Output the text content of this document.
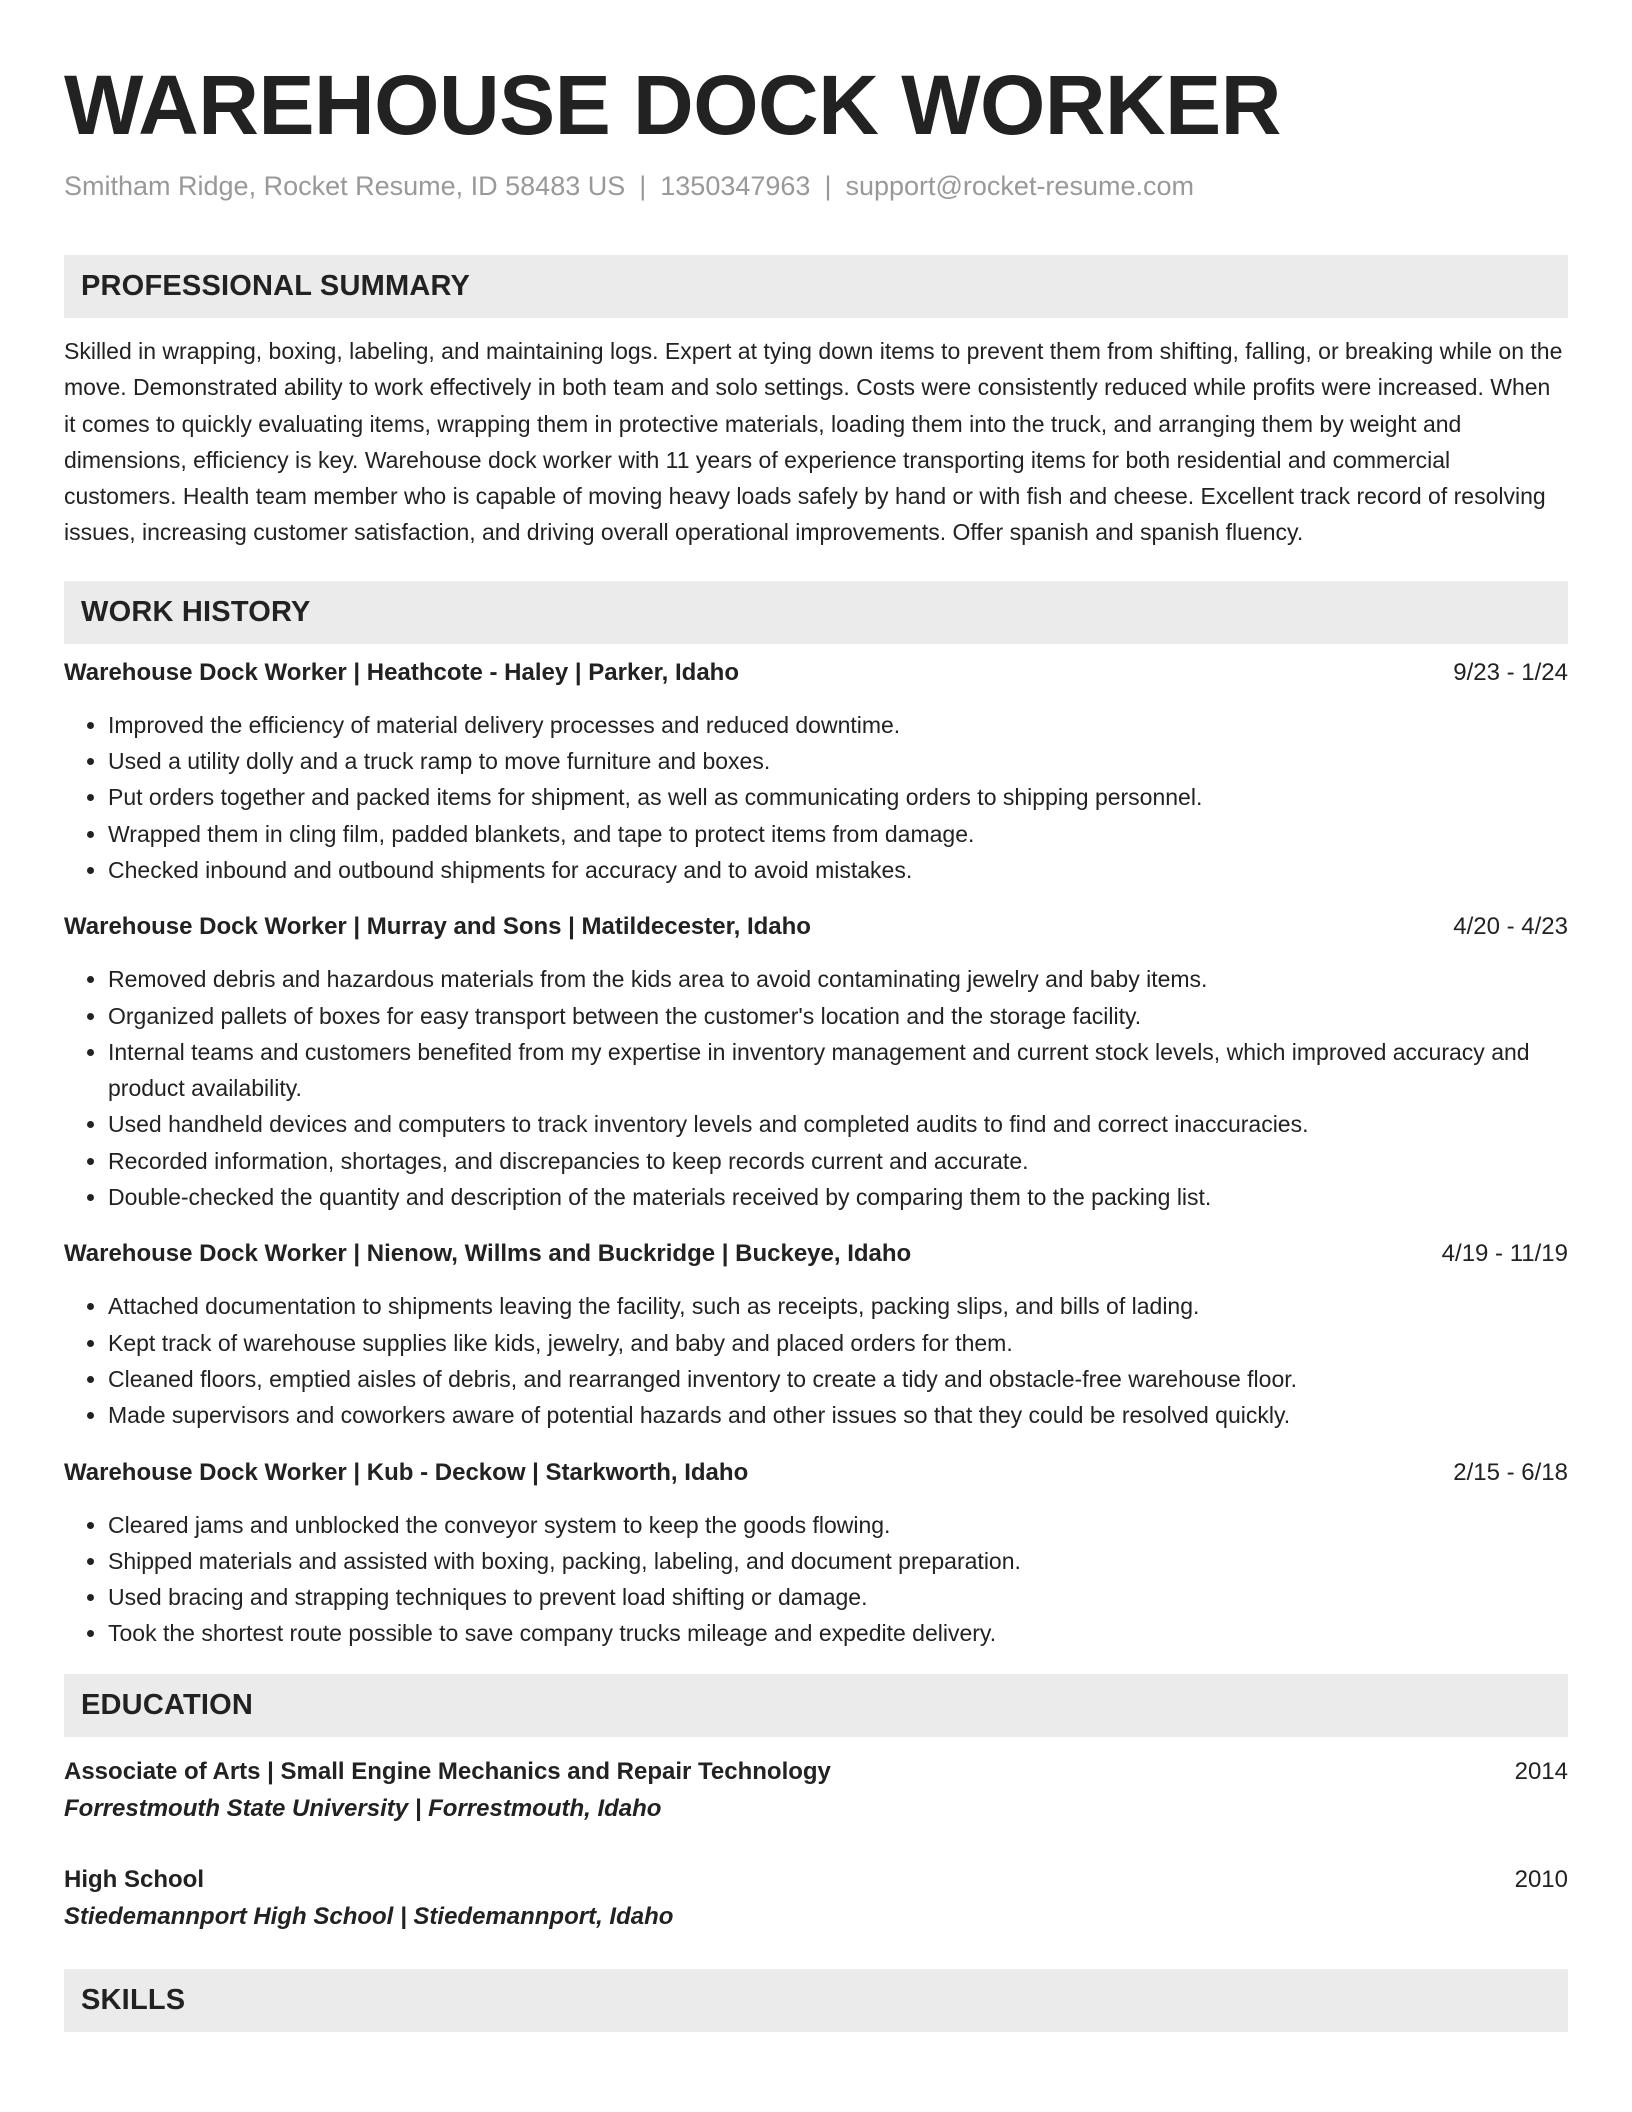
WAREHOUSE DOCK WORKER
Smitham Ridge, Rocket Resume, ID 58483 US | 1350347963 | support@rocket-resume.com
PROFESSIONAL SUMMARY
Skilled in wrapping, boxing, labeling, and maintaining logs. Expert at tying down items to prevent them from shifting, falling, or breaking while on the move. Demonstrated ability to work effectively in both team and solo settings. Costs were consistently reduced while profits were increased. When it comes to quickly evaluating items, wrapping them in protective materials, loading them into the truck, and arranging them by weight and dimensions, efficiency is key. Warehouse dock worker with 11 years of experience transporting items for both residential and commercial customers. Health team member who is capable of moving heavy loads safely by hand or with fish and cheese. Excellent track record of resolving issues, increasing customer satisfaction, and driving overall operational improvements. Offer spanish and spanish fluency.
WORK HISTORY
Warehouse Dock Worker | Heathcote - Haley | Parker, Idaho	9/23 - 1/24
• Improved the efficiency of material delivery processes and reduced downtime.
• Used a utility dolly and a truck ramp to move furniture and boxes.
• Put orders together and packed items for shipment, as well as communicating orders to shipping personnel.
• Wrapped them in cling film, padded blankets, and tape to protect items from damage.
• Checked inbound and outbound shipments for accuracy and to avoid mistakes.
Warehouse Dock Worker | Murray and Sons | Matildecester, Idaho	4/20 - 4/23
• Removed debris and hazardous materials from the kids area to avoid contaminating jewelry and baby items.
• Organized pallets of boxes for easy transport between the customer's location and the storage facility.
• Internal teams and customers benefited from my expertise in inventory management and current stock levels, which improved accuracy and product availability.
• Used handheld devices and computers to track inventory levels and completed audits to find and correct inaccuracies.
• Recorded information, shortages, and discrepancies to keep records current and accurate.
• Double-checked the quantity and description of the materials received by comparing them to the packing list.
Warehouse Dock Worker | Nienow, Willms and Buckridge | Buckeye, Idaho	4/19 - 11/19
• Attached documentation to shipments leaving the facility, such as receipts, packing slips, and bills of lading.
• Kept track of warehouse supplies like kids, jewelry, and baby and placed orders for them.
• Cleaned floors, emptied aisles of debris, and rearranged inventory to create a tidy and obstacle-free warehouse floor.
• Made supervisors and coworkers aware of potential hazards and other issues so that they could be resolved quickly.
Warehouse Dock Worker | Kub - Deckow | Starkworth, Idaho	2/15 - 6/18
• Cleared jams and unblocked the conveyor system to keep the goods flowing.
• Shipped materials and assisted with boxing, packing, labeling, and document preparation.
• Used bracing and strapping techniques to prevent load shifting or damage.
• Took the shortest route possible to save company trucks mileage and expedite delivery.
EDUCATION
Associate of Arts | Small Engine Mechanics and Repair Technology	2014
Forrestmouth State University | Forrestmouth, Idaho
High School	2010
Stiedemannport High School | Stiedemannport, Idaho
SKILLS
